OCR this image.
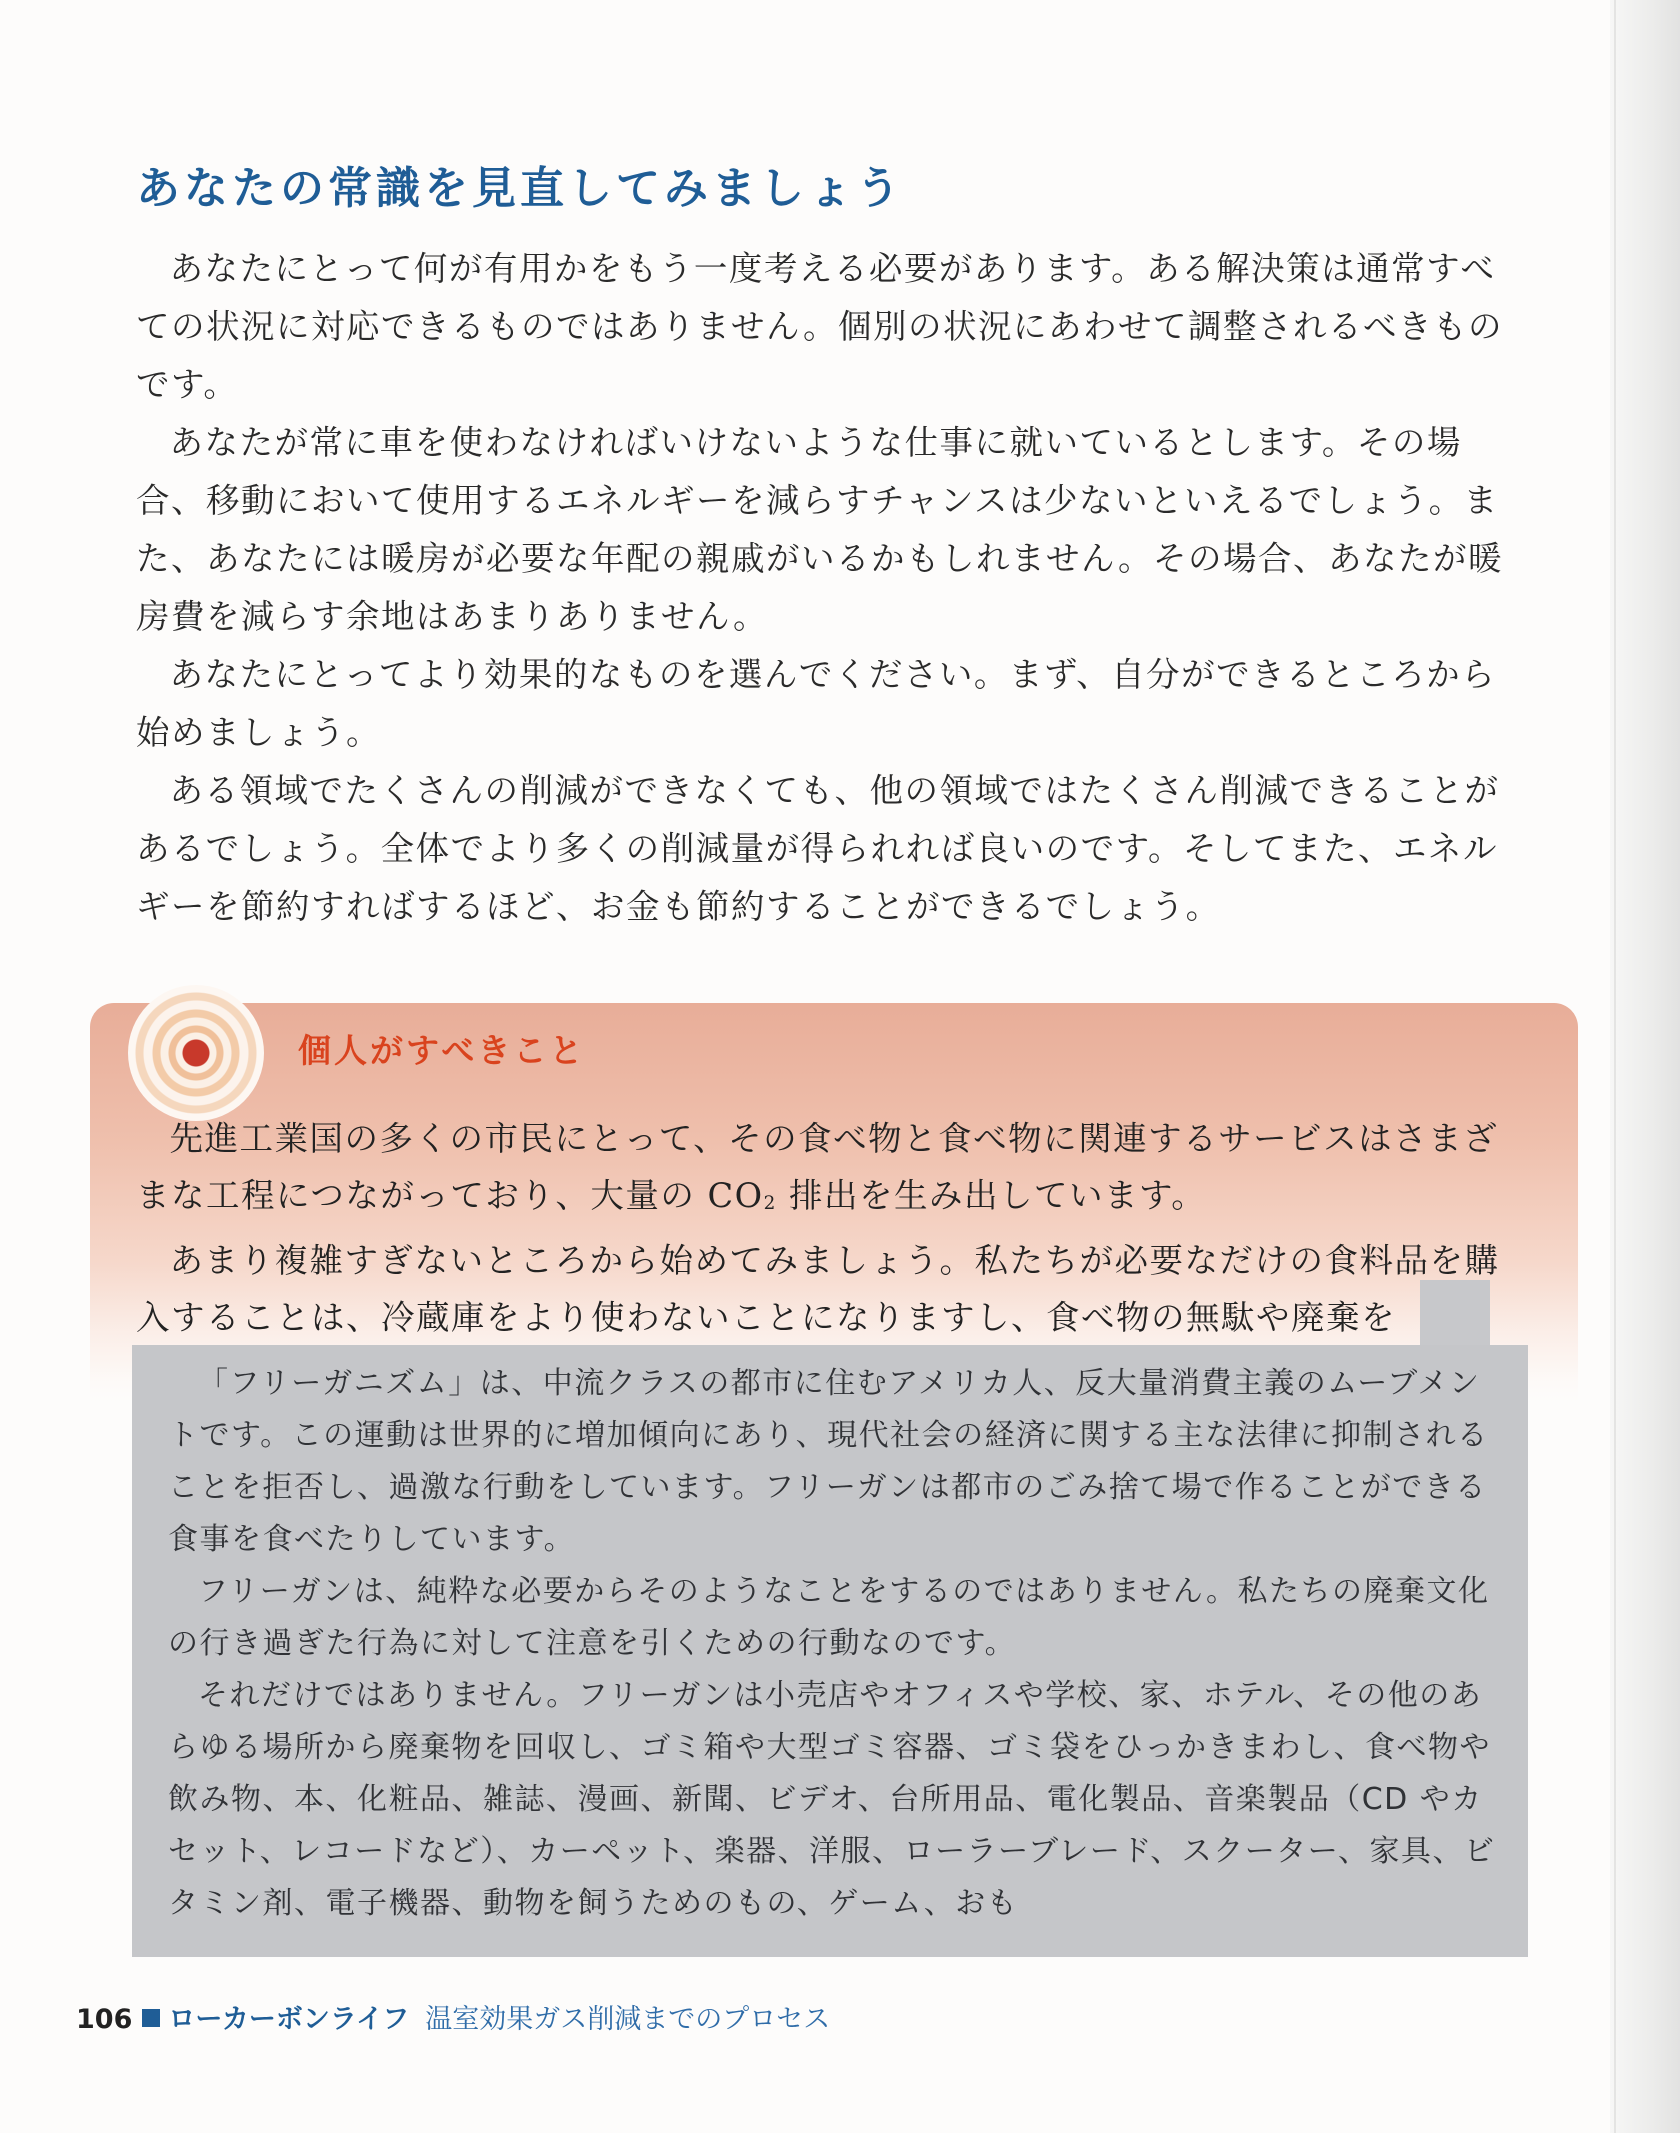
あなたの常識を見直してみましょう

あなたにとって何が有用かをもう一度考える必要があります。ある解決策は通常すべての状況に対応できるものではありません。個別の状況にあわせて調整されるべきものです。

あなたが常に車を使わなければいけないような仕事に就いているとします。その場合、移動において使用するエネルギーを減らすチャンスは少ないといえるでしょう。また、あなたには暖房が必要な年配の親戚がいるかもしれません。その場合、あなたが暖房費を減らす余地はあまりありません。

あなたにとってより効果的なものを選んでください。まず、自分ができるところから始めましょう。

ある領域でたくさんの削減ができなくても、他の領域ではたくさん削減できることがあるでしょう。全体でより多くの削減量が得られれば良いのです。そしてまた、エネルギーを節約すればするほど、お金も節約することができるでしょう。

個人がすべきこと

先進工業国の多くの市民にとって、その食べ物と食べ物に関連するサービスはさまざまな工程につながっており、大量の $CO_2$ 排出を生み出しています。

あまり複雑すぎないところから始めてみましょう。私たちが必要なだけの食料品を購入することは、冷蔵庫をより使わないことになりますし、食べ物の無駄や廃棄を

「フリーガニズム」は、中流クラスの都市に住むアメリカ人、反大量消費主義のムーブメントです。この運動は世界的に増加傾向にあり、現代社会の経済に関する主な法律に抑制されることを拒否し、過激な行動をしています。フリーガンは都市のごみ捨て場で作ることができる食事を食べたりしています。

フリーガンは、純粋な必要からそのようなことをするのではありません。私たちの廃棄文化の行き過ぎた行為に対して注意を引くための行動なのです。

それだけではありません。フリーガンは小売店やオフィスや学校、家、ホテル、その他のあらゆる場所から廃棄物を回収し、ゴミ箱や大型ゴミ容器、ゴミ袋をひっかきまわし、食べ物や飲み物、本、化粧品、雑誌、漫画、新聞、ビデオ、台所用品、電化製品、音楽製品（CD やカセット、レコードなど）、カーペット、楽器、洋服、ローラーブレード、スクーター、家具、ビタミン剤、電子機器、動物を飼うためのもの、ゲーム、おも

106 ローカーボンライフ 温室効果ガス削減までのプロセス
